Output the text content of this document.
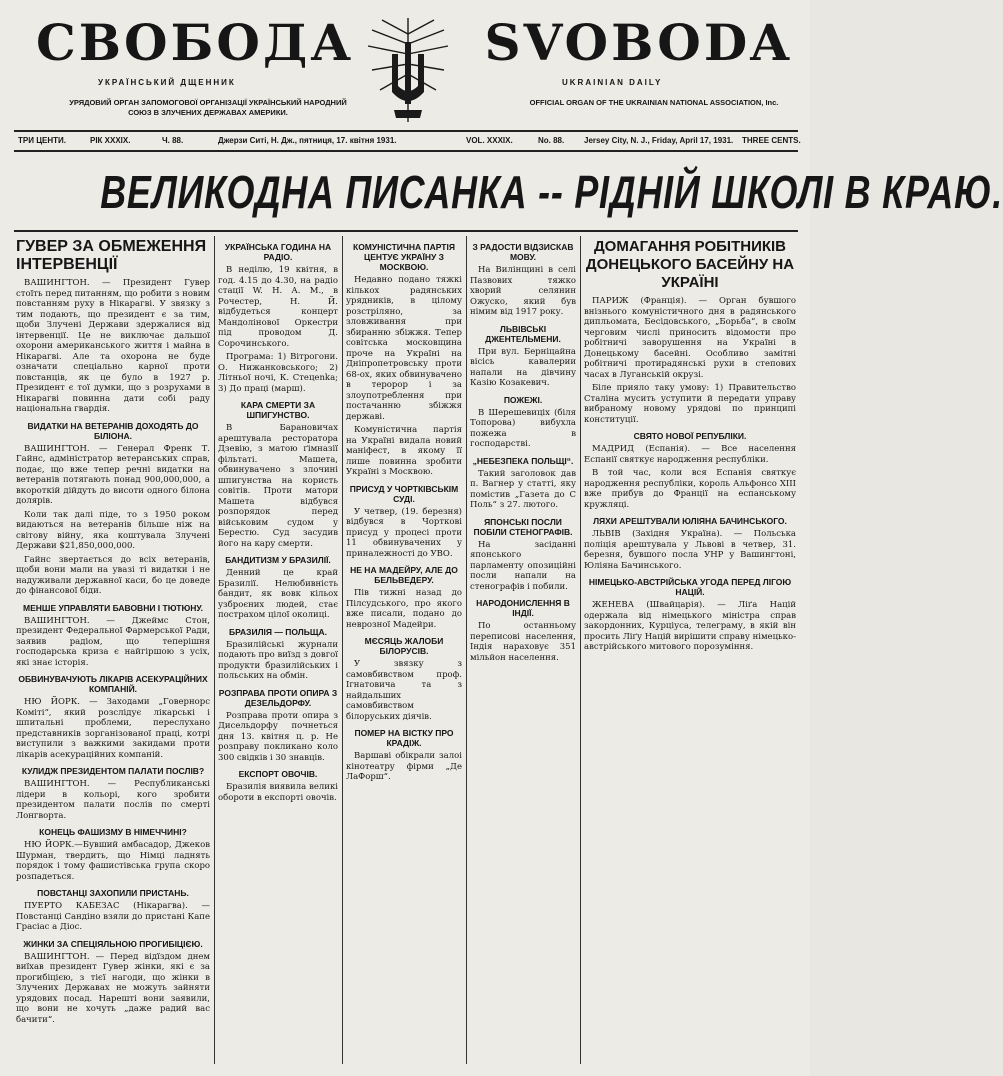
СВОБОДА	SVOBODA
УКРАЇНСЬКИЙ ДЩЕННИК	UKRAINIAN DAILY
УРЯДОВИЙ ОРГАН ЗАПОМОГОВОЇ ОРГАНІЗАЦІЇ УКРАЇНСЬКИЙ НАРОДНИЙ СОЮЗ В ЗЛУЧЕНИХ ДЕРЖАВАХ АМЕРИКИ.
OFFICIAL ORGAN OF THE UKRAINIAN NATIONAL ASSOCIATION, Inc.
ТРИ ЦЕНТИ.	РІК XXXIX.	Ч. 88.	Джерзи Ситі, Н. Дж., пятниця, 17. квітня 1931.	VOL. XXXIX.	No. 88. Jersey City, N. J., Friday, April 17, 1931. THREE CENTS.
ВЕЛИКОДНА ПИСАНКА -- РІДНІЙ ШКОЛІ В КРАЮ.
ГУВЕР ЗА ОБМЕЖЕННЯ ІНТЕРВЕНЦІЇ

ВАШИНГТОН. — Президент Гувер стоїть перед питанням, що робити з новим повстанням руху в Нікарагві. У звязку з тим подають, що президент є за тим, щоби Злучені Держави здержалися від інтервенції. Це не виключає дальшої охорони американського життя і майна в Нікарагві. Але та охорона не буде означати спеціально карної проти повстанців, як це було в 1927 р. Президент є тої думки, що з розрухами в Нікарагві повинна дати собі раду національна гвардія.

ВИДАТКИ НА ВЕТЕРАНІВ ДОХОДЯТЬ ДО БІЛІОНА.

ВАШИНГТОН. — Генерал Френк Т. Гайнс, адміністратор ветеранських справ, подає, що вже тепер речні видатки на ветеранів потягають понад 900,000,000, а вкороткій дійдуть до висоти одного білона долярів.

Коли так далі піде, то з 1950 роком видаються на ветеранів більше ніж на світову війну, яка коштувала Злучені Держави $21,850,000,000.

Гайнс звертається до всіх ветеранів, щоби вони мали на увазі ті видатки і не надуживали державної каси, бо це доведе до фінансової біди.

МЕНШЕ УПРАВЛЯТИ БАВОВНИ І ТЮТЮНУ.

ВАШИНГТОН. — Джеймс Стон, президент Федеральної Фармерської Ради, заявив радіом, що теперішня господарська криза є найгіршою з усіх, які знає історія.

ОБВИНУВАЧУЮТЬ ЛІКАРІВ АСЕКУРАЦІЙНИХ КОМПАНІЙ.

НЮ ЙОРК. — Заходами „Говернорс Коміті“, який розслідує лікарські і шпитальні проблеми, переслухано представників зорганізованої праці, котрі виступили з важкими закидами проти лікарів асекураційних компаній.

КУЛИДЖ ПРЕЗИДЕНТОМ ПАЛАТИ ПОСЛІВ?

ВАШИНГТОН. — Республиканські лідери в кольорі, кого зробити президентом палати послів по смерті Лонгворта.

КОНЕЦЬ ФАШИЗМУ В НІМЕЧЧИНІ?

НЮ ЙОРК.—Бувший амбасадор, Джеков Шурман, твердить, що Німці ладнять порядок і тому фашистівська група скоро розпадеться.

ПОВСТАНЦІ ЗАХОПИЛИ ПРИСТАНЬ.

ПУЕРТО КАБЕЗАС (Нікарагва). — Повстанці Сандіно взяли до пристані Капе Грасіас а Діос.

ЖИНКИ ЗА СПЕЦІЯЛЬНОЮ ПРОГИБІЦІЄЮ.

ВАШИНГТОН. — Перед відїздом днем виїхав президент Гувер жінки, які є за прогибіцією, з тієї нагоди, що жінки в Злучених Державах не можуть зайняти урядових посад. Нарешті вони заявили, що вони не хочуть „даже радий вас бачити“.

УКРАЇНСЬКА ГОДИНА НА РАДІО.

В неділю, 19 квітня, в год. 4.15 до 4.30, на радіо стації W. H. A. M., в Рочестер, Н. Й. відбудеться концерт Мандолінової Оркестри під проводом Д. Сорочинського.

Програма: 1) Вітрогони. О. Нижанковського; 2) Літньої ночі, К. Стецenka; 3) До праці (марш).

КАРА СМЕРТИ ЗА ШПИГУНСТВО.

В Барановичах арештувала ресторатора Дзевію, з матою ґімназії фільтаті. Машета, обвинувачено з злочині шпигунства на користь совітів. Проти матори Машета відбувся розпорядок перед військовим судом у Берестю. Суд засудив його на кару смерти.

БАНДИТИЗМ У БРАЗИЛІЇ.

Денний це край Бразилії. Нелюбивність бандит, як вовк кільох узброєних людей, стає пострахом цілої околиці.

БРАЗИЛІЯ — ПОЛЬЩА.

Бразилійські журнали подають про виїзд з довгої продукти бразилійських і польських на обмін.

РОЗПРАВА ПРОТИ ОПИРА З ДЕЗЕЛЬДОРФУ.

Розправа проти опира з Дисельдорфу почнеться дня 13. квітня ц. р. Не розправу покликано коло 300 свідків і 30 знавців.

ЕКСПОРТ ОВОЧІВ.

Бразилія виявила великі обороти в експорті овочів.

КОМУНІСТИЧНА ПАРТІЯ ЦЕНТУЄ УКРАЇНУ З МОСКВОЮ.

Недавно подано тяжкі кількох радянських урядників, в цілому розстріляно, за зловживання при збиранню збіжжя. Тепер совітська московщина проче на Україні на Дніпропетровську проти 68-ох, яких обвинувачено в теророр і за злоупотреблення при постачанню збіжжя державі.

Комуністична партія на Україні видала новий маніфест, в якому її лише повинна зробити Україні з Москвою.

ПРИСУД У ЧОРТКІВСЬКІМ СУДІ.

У четвер, (19. березня) відбувся в Чорткові присуд у процесі проти 11 обвинувачених у приналежності до УВО.

НЕ НА МАДЕЙРУ, АЛЕ ДО БЕЛЬВЕДЕРУ.

Пів тижні назад до Пілсудського, про якого вже писали, подано до неврозної Мадейри.

МЄСЯЦЬ ЖАЛОБИ БІЛОРУСІВ.

У звязку з самовбивством проф. Ігнатовича та з найдальших самовбивством білоруських діячів.

ПОМЕР НА ВІСТКУ ПРО КРАДІЖ.

Варшаві обікрали залоі кінотеатру фірми „Де ЛаФорш“.

З РАДОСТИ ВІДЗИСКАВ МОВУ.

На Вилінщині в селі Пазвових тяжко хворий селянин Ожуско, який був німим від 1917 року.

ЛЬВІВСЬКІ ДЖЕНТЕЛЬМЕНИ.

При вул. Берніцайна вісісь кавалерии напали на дівчину Казію Козакевич.

ПОЖЕЖІ.

В Шерешевиціх (біля Топорова) вибухла пожежа в господарстві.

„НЕБЕЗПЕКА ПОЛЬЩІ“.

Такий заголовок дав п. Вагнер у статті, яку помістив „Газета до С Поль“ з 27. лютого.

ЯПОНСЬКІ ПОСЛИ ПОБІЛИ СТЕНОГРАФІВ.

На засіданні японського парламенту опозиційні посли напали на стенографів і побили.

НАРОДОНИСЛЕННЯ В ІНДІЇ.

По останньому переписові населення, Індія нараховує 351 мільйон населення.

ДОМАГАННЯ РОБІТНИКІВ ДОНЕЦЬКОГО БАСЕЙНУ НА УКРАЇНІ

ПАРИЖ (Франція). — Орган бувшого внізнього комуністичного дня в радянського дипльомата, Бесідовського, „Борьба“, в своїм черговим числі приносить відомости про робітничі заворушення на Україні в Донецькому басейні. Особливо замітні робітничі протирадянські рухи в степових часах в Луганській окрузі.

Біле прияло таку умову: 1) Правительство Сталіна мусить уступити й передати управу вибраному новому урядові по принципі конституції.

СВЯТО НОВОЇ РЕПУБЛІКИ.

МАДРИД (Еспанія). — Все населення Еспанії святкує народження республіки.

В той час, коли вся Еспанія святкує народження республіки, король Альфонсо XIII вже прибув до Франції на еспанському кружляці.

ЛЯХИ АРЕШТУВАЛИ ЮЛІЯНА БАЧИНСЬКОГО.

ЛЬВІВ (Західня Україна). — Польська поліція арештувала у Львові в четвер, 31. березня, бувшого посла УНР у Вашингтоні, Юліяна Бачинського.

НІМЕЦЬКО-АВСТРІЙСЬКА УГОДА ПЕРЕД ЛІГОЮ НАЦІЙ.

ЖЕНЕВА (Швайцарія). — Ліґа Націй одержала від німецького міністра справ закордонних, Курціуса, телеграму, в якій він просить Ліґу Націй вирішити справу німецько-австрійського митового порозуміння.
